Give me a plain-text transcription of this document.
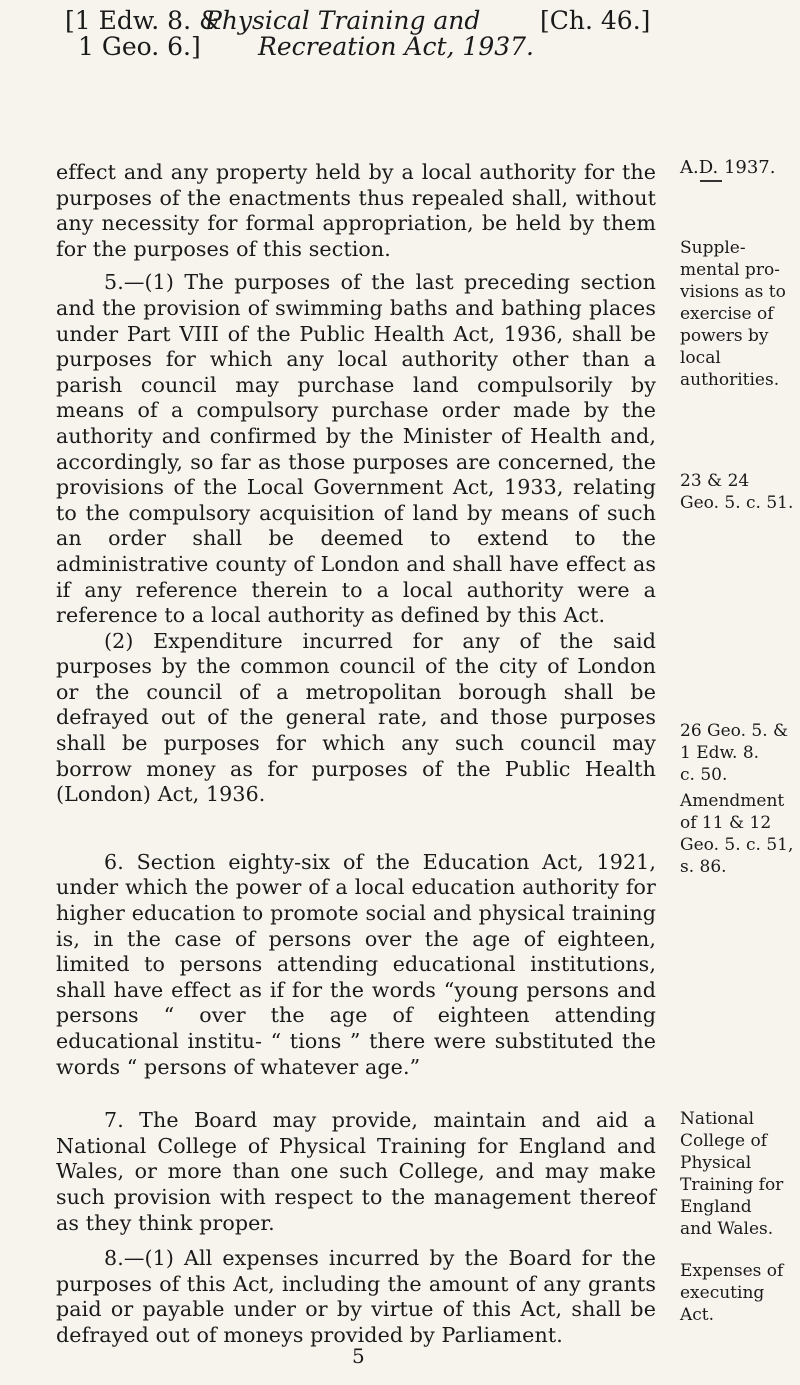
[1 Edw. 8. &
1 Geo. 6.]
Physical Training and
Recreation Act, 1937.
[Ch. 46.]
A.D. 1937.

effect and any property held by a local authority for the purposes of the enactments thus repealed shall, without any necessity for formal appropriation, be held by them for the purposes of this section.

5.—(1) The purposes of the last preceding section and the provision of swimming baths and bathing places under Part VIII of the Public Health Act, 1936, shall be purposes for which any local authority other than a parish council may purchase land compulsorily by means of a compulsory purchase order made by the authority and confirmed by the Minister of Health and, accordingly, so far as those purposes are concerned, the provisions of the Local Government Act, 1933, relating to the compulsory acquisition of land by means of such an order shall be deemed to extend to the administrative county of London and shall have effect as if any reference therein to a local authority were a reference to a local authority as defined by this Act.

(2) Expenditure incurred for any of the said purposes by the common council of the city of London or the council of a metropolitan borough shall be defrayed out of the general rate, and those purposes shall be purposes for which any such council may borrow money as for purposes of the Public Health (London) Act, 1936.

6. Section eighty-six of the Education Act, 1921, under which the power of a local education authority for higher education to promote social and physical training is, in the case of persons over the age of eighteen, limited to persons attending educational institutions, shall have effect as if for the words “young persons and persons “ over the age of eighteen attending educational institu- “ tions ” there were substituted the words “ persons of whatever age.”

7. The Board may provide, maintain and aid a National College of Physical Training for England and Wales, or more than one such College, and may make such provision with respect to the management thereof as they think proper.

8.—(1) All expenses incurred by the Board for the purposes of this Act, including the amount of any grants paid or payable under or by virtue of this Act, shall be defrayed out of moneys provided by Parliament.

Supple-
mental pro-
visions as to
exercise of
powers by
local
authorities.
23 & 24
Geo. 5. c. 51.
26 Geo. 5. &
1 Edw. 8.
c. 50.
Amendment
of 11 & 12
Geo. 5. c. 51,
s. 86.
National
College of
Physical
Training for
England
and Wales.
Expenses of
executing
Act.
5
